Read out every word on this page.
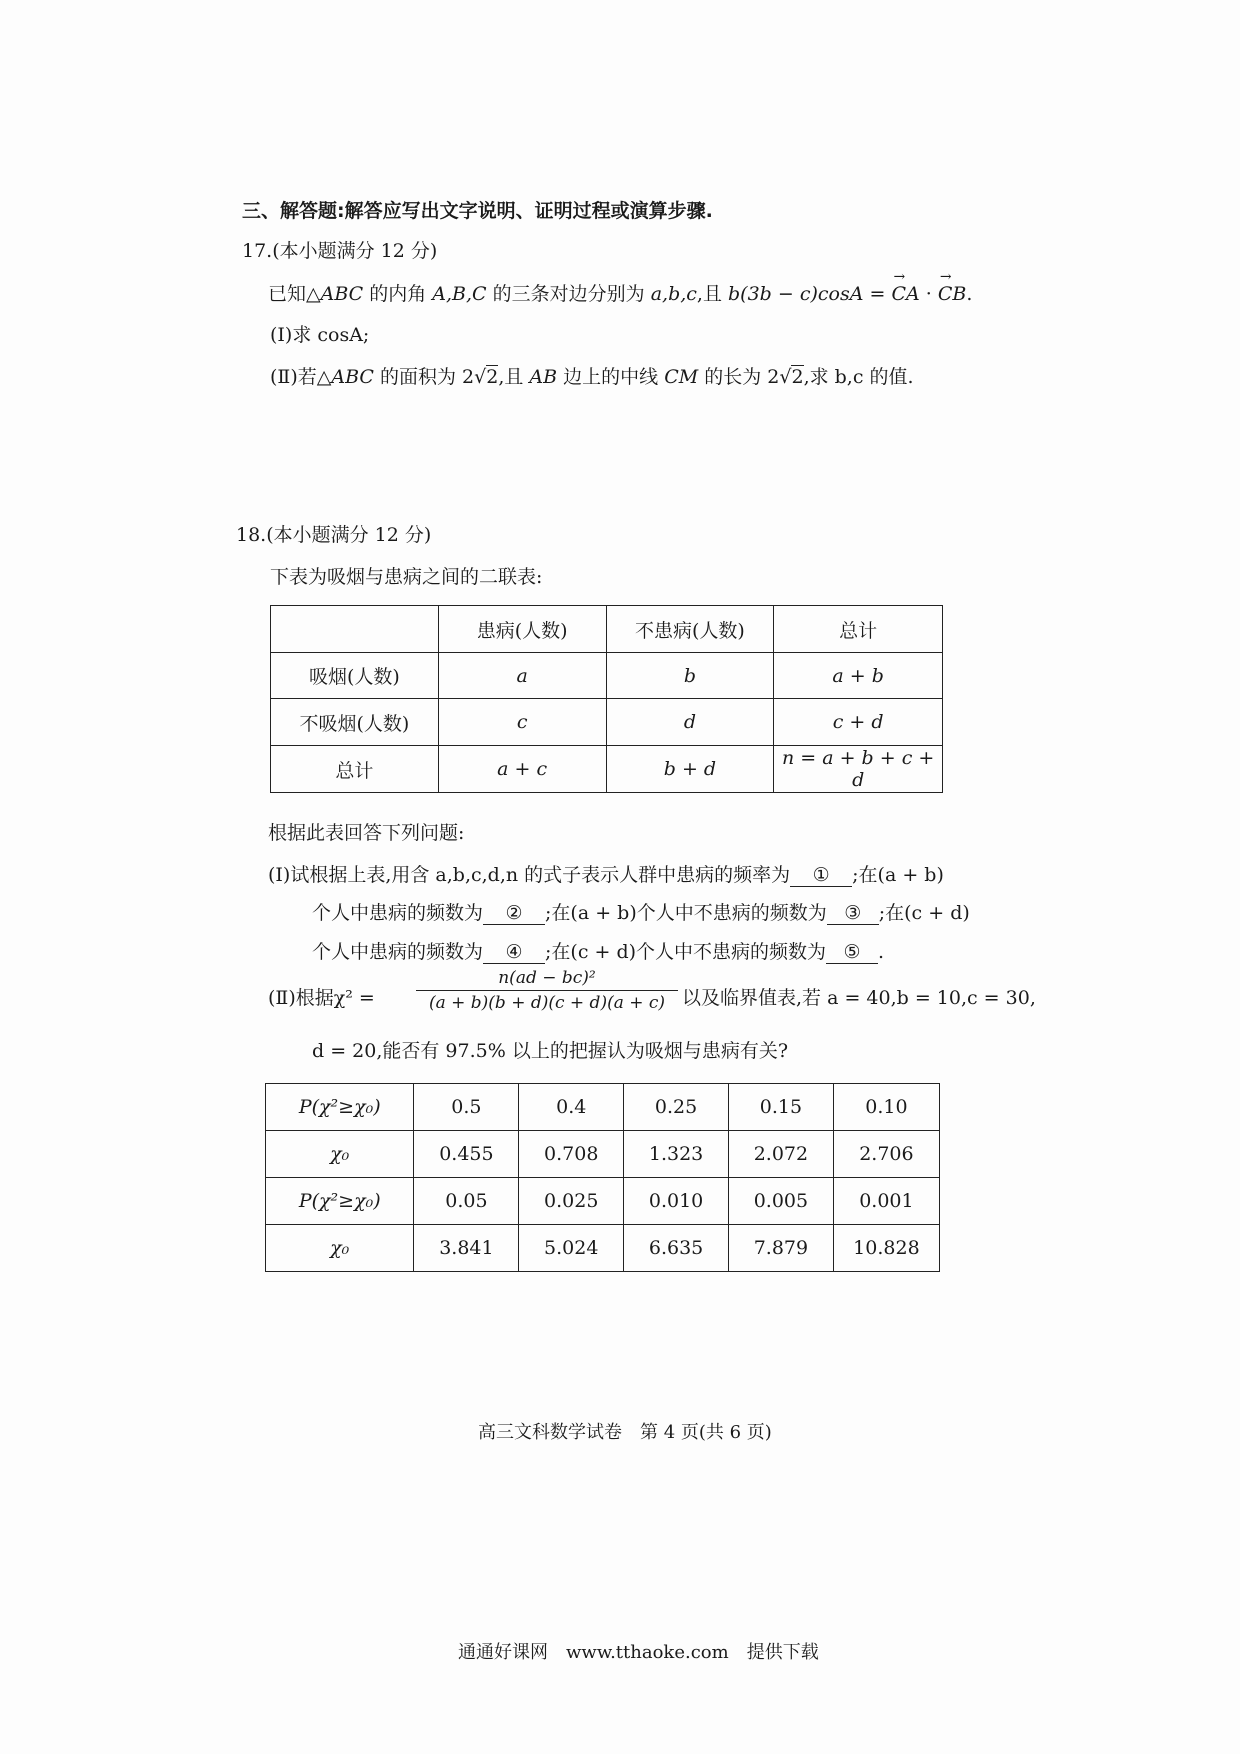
三、解答题:解答应写出文字说明、证明过程或演算步骤.
17.(本小题满分 12 分)
已知△ABC 的内角 A,B,C 的三条对边分别为 a,b,c,且 b(3b − c)cosA = → CA · → CB.
(Ⅰ)求 cosA;
(Ⅱ)若△ABC 的面积为 2√2,且 AB 边上的中线 CM 的长为 2√2,求 b,c 的值.
18.(本小题满分 12 分)
下表为吸烟与患病之间的二联表:
	患病(人数)	不患病(人数)	总计
吸烟(人数)	a	b	a + b
不吸烟(人数)	c	d	c + d
总计	a + c	b + d	n = a + b + c + d
根据此表回答下列问题:
(Ⅰ)试根据上表,用含 a,b,c,d,n 的式子表示人群中患病的频率为 ① ;在(a + b)
个人中患病的频数为 ② ;在(a + b)个人中不患病的频数为 ③ ;在(c + d)
个人中患病的频数为 ④ ;在(c + d)个人中不患病的频数为 ⑤ .
(Ⅱ)根据$\chi^2 = \frac{\text{n(ad − bc)²}}{(a + b)(b + d)(c + d)(a + c)}$ 以及临界值表,若 a = 40,b = 10,c = 30,
d = 20,能否有 97.5% 以上的把握认为吸烟与患病有关?
P(χ²≥χ₀)	0.5	0.4	0.25	0.15	0.10
χ₀	0.455	0.708	1.323	2.072	2.706
P(χ²≥χ₀)	0.05	0.025	0.010	0.005	0.001
χ₀	3.841	5.024	6.635	7.879	10.828
高三文科数学试卷　第 4 页(共 6 页)
通通好课网　www.tthaoke.com　提供下载
